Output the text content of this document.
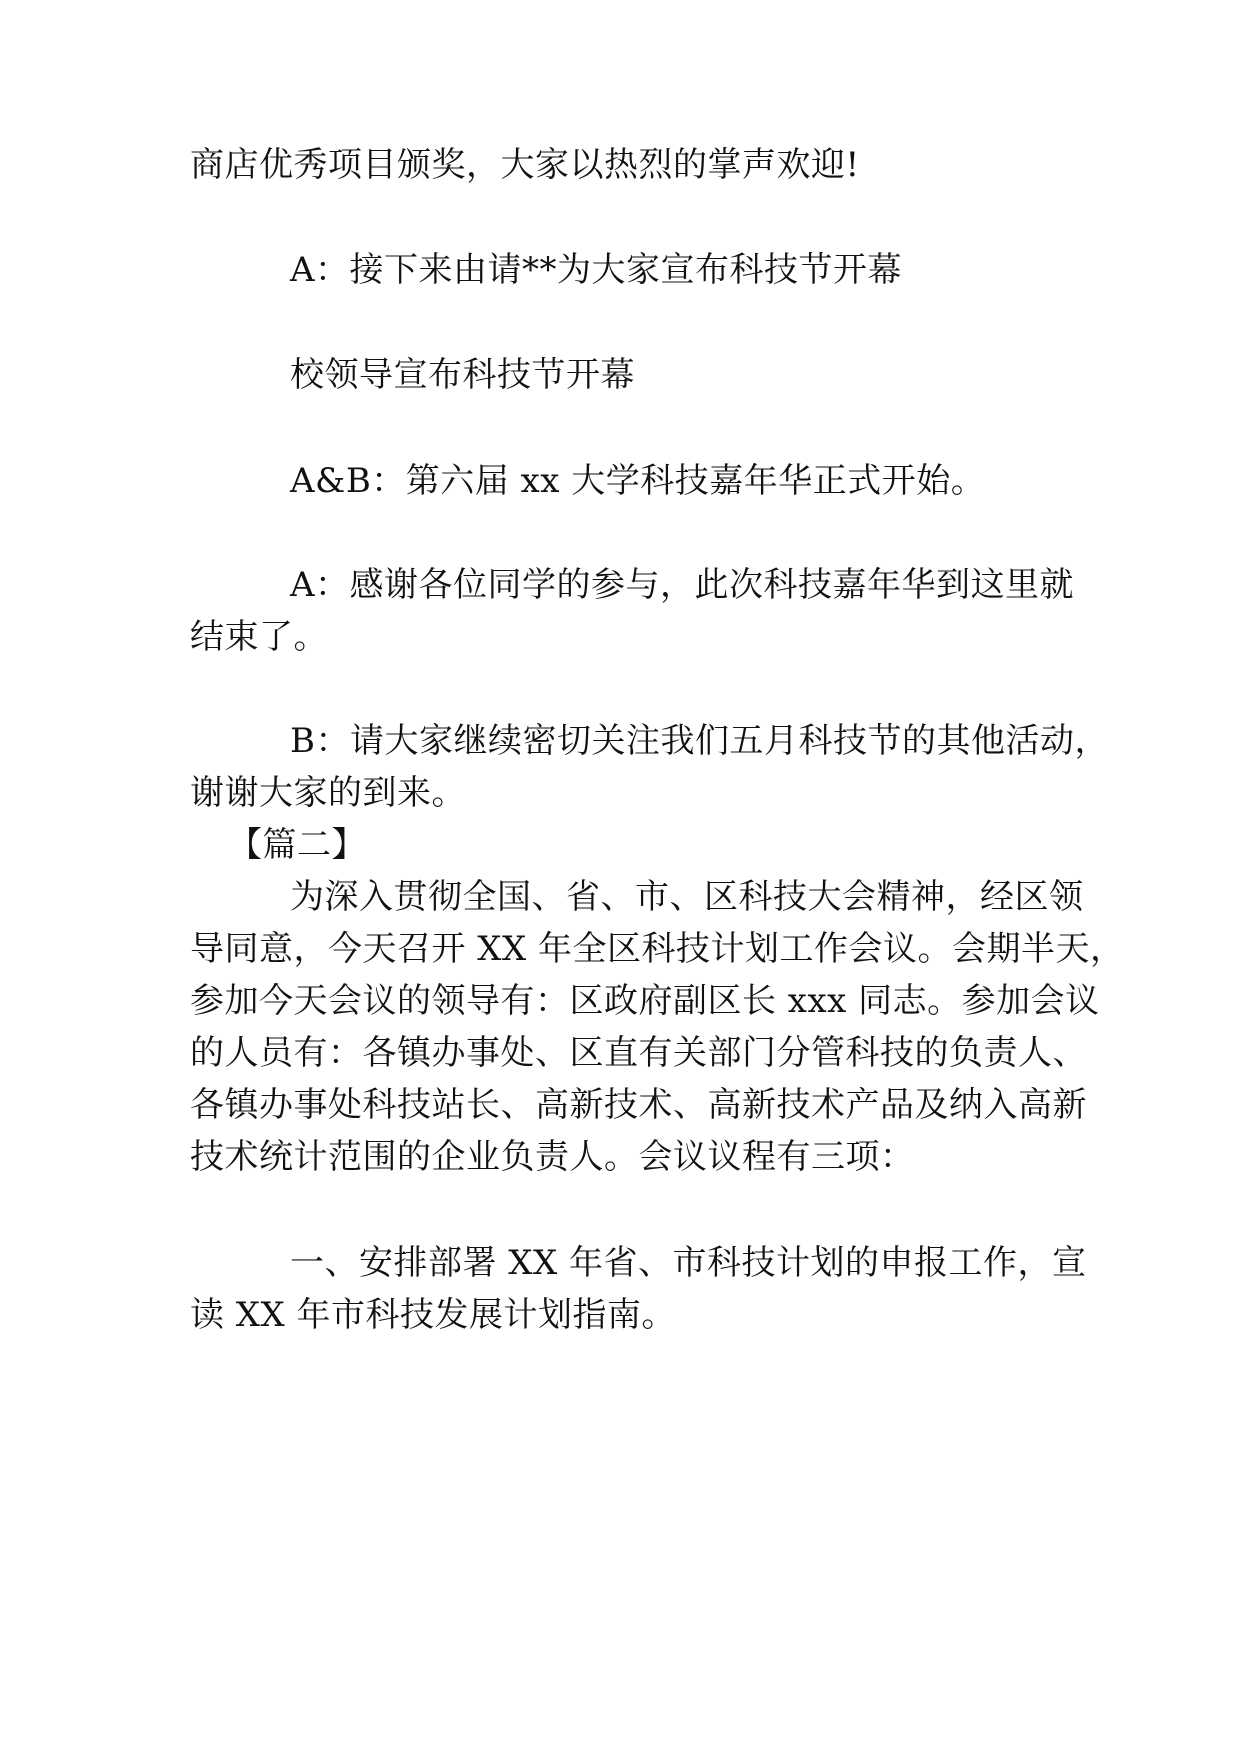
商店优秀项目颁奖，大家以热烈的掌声欢迎!
A：接下来由请**为大家宣布科技节开幕
校领导宣布科技节开幕
A&B：第六届 xx 大学科技嘉年华正式开始。
A：感谢各位同学的参与，此次科技嘉年华到这里就
结束了。
B：请大家继续密切关注我们五月科技节的其他活动，
谢谢大家的到来。
【篇二】
为深入贯彻全国、省、市、区科技大会精神，经区领
导同意，今天召开 XX 年全区科技计划工作会议。会期半天，
参加今天会议的领导有：区政府副区长 xxx 同志。参加会议
的人员有：各镇办事处、区直有关部门分管科技的负责人、
各镇办事处科技站长、高新技术、高新技术产品及纳入高新
技术统计范围的企业负责人。会议议程有三项：
一、安排部署 XX 年省、市科技计划的申报工作，宣
读 XX 年市科技发展计划指南。
